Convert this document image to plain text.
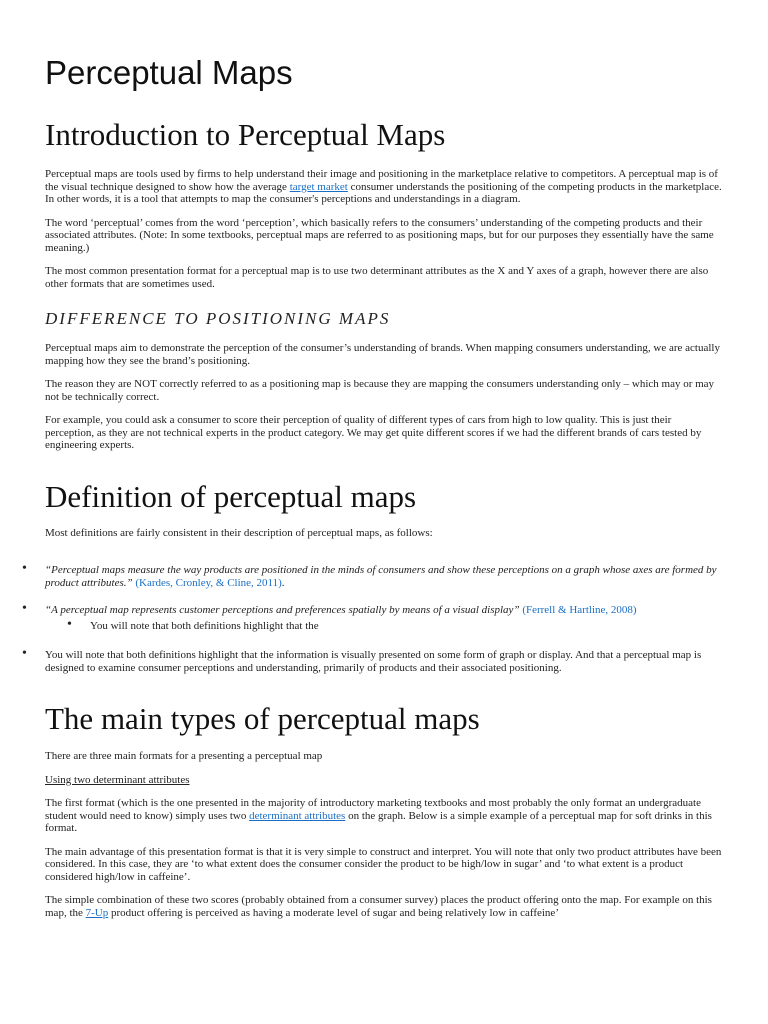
Perceptual Maps
Introduction to Perceptual Maps

Perceptual maps are tools used by firms to help understand their image and positioning in the marketplace relative to competitors. A perceptual map is of the visual technique designed to show how the average target market consumer understands the positioning of the competing products in the marketplace. In other words, it is a tool that attempts to map the consumer's perceptions and understandings in a diagram.

The word ‘perceptual’ comes from the word ‘perception’, which basically refers to the consumers’ understanding of the competing products and their associated attributes. (Note: In some textbooks, perceptual maps are referred to as positioning maps, but for our purposes they essentially have the same meaning.)

The most common presentation format for a perceptual map is to use two determinant attributes as the X and Y axes of a graph, however there are also other formats that are sometimes used.

DIFFERENCE TO POSITIONING MAPS

Perceptual maps aim to demonstrate the perception of the consumer’s understanding of brands. When mapping consumers understanding, we are actually mapping how they see the brand’s positioning.

The reason they are NOT correctly referred to as a positioning map is because they are mapping the consumers understanding only – which may or may not be technically correct.

For example, you could ask a consumer to score their perception of quality of different types of cars from high to low quality. This is just their perception, as they are not technical experts in the product category. We may get quite different scores if we had the different brands of cars tested by engineering experts.

Definition of perceptual maps

Most definitions are fairly consistent in their description of perceptual maps, as follows:

• “Perceptual maps measure the way products are positioned in the minds of consumers and show these perceptions on a graph whose axes are formed by product attributes.” (Kardes, Cronley, & Cline, 2011).
• “A perceptual map represents customer perceptions and preferences spatially by means of a visual display” (Ferrell & Hartline, 2008)
• You will note that both definitions highlight that the
• You will note that both definitions highlight that the information is visually presented on some form of graph or display. And that a perceptual map is designed to examine consumer perceptions and understanding, primarily of products and their associated positioning.
The main types of perceptual maps

There are three main formats for a presenting a perceptual map

Using two determinant attributes

The first format (which is the one presented in the majority of introductory marketing textbooks and most probably the only format an undergraduate student would need to know) simply uses two determinant attributes on the graph. Below is a simple example of a perceptual map for soft drinks in this format.

The main advantage of this presentation format is that it is very simple to construct and interpret. You will note that only two product attributes have been considered. In this case, they are ‘to what extent does the consumer consider the product to be high/low in sugar’ and ‘to what extent is a product considered high/low in caffeine’.

The simple combination of these two scores (probably obtained from a consumer survey) places the product offering onto the map. For example on this map, the 7-Up product offering is perceived as having a moderate level of sugar and being relatively low in caffeine’
